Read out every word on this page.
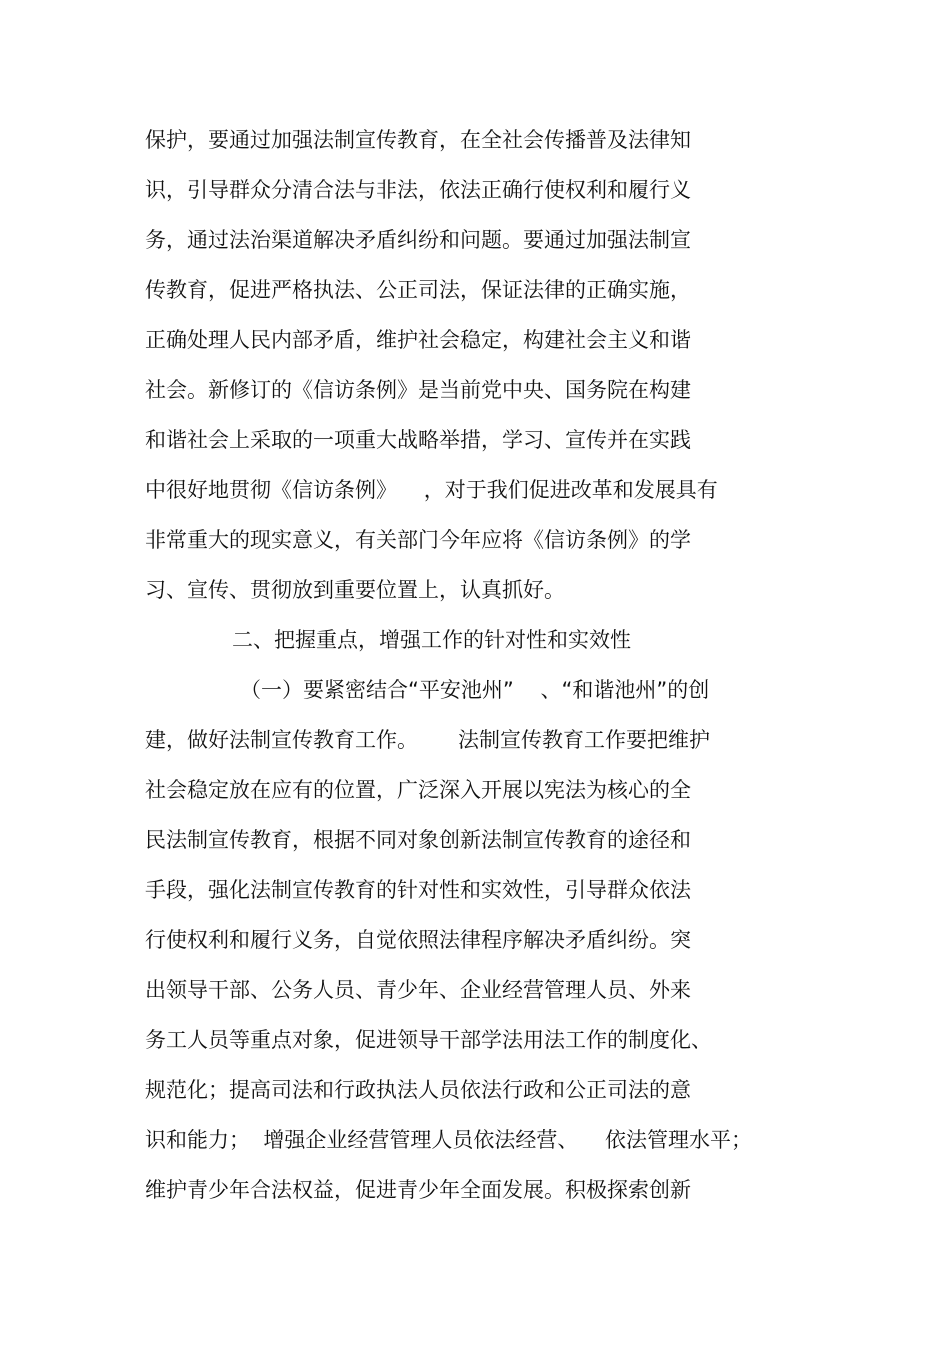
保护，要通过加强法制宣传教育，在全社会传播普及法律知

识，引导群众分清合法与非法，依法正确行使权利和履行义

务，通过法治渠道解决矛盾纠纷和问题。要通过加强法制宣

传教育，促进严格执法、公正司法，保证法律的正确实施，

正确处理人民内部矛盾，维护社会稳定，构建社会主义和谐

社会。新修订的《信访条例》是当前党中央、国务院在构建

和谐社会上采取的一项重大战略举措，学习、宣传并在实践

中很好地贯彻《信访条例》    ，对于我们促进改革和发展具有

非常重大的现实意义，有关部门今年应将《信访条例》的学

习、宣传、贯彻放到重要位置上，认真抓好。

二、把握重点，增强工作的针对性和实效性

（一）要紧密结合“平安池州”    、“和谐池州”的创

建，做好法制宣传教育工作。      法制宣传教育工作要把维护

社会稳定放在应有的位置，广泛深入开展以宪法为核心的全

民法制宣传教育，根据不同对象创新法制宣传教育的途径和

手段，强化法制宣传教育的针对性和实效性，引导群众依法

行使权利和履行义务，自觉依照法律程序解决矛盾纠纷。突

出领导干部、公务人员、青少年、企业经营管理人员、外来

务工人员等重点对象，促进领导干部学法用法工作的制度化、

规范化；提高司法和行政执法人员依法行政和公正司法的意

识和能力；  增强企业经营管理人员依法经营、    依法管理水平；

维护青少年合法权益，促进青少年全面发展。积极探索创新
